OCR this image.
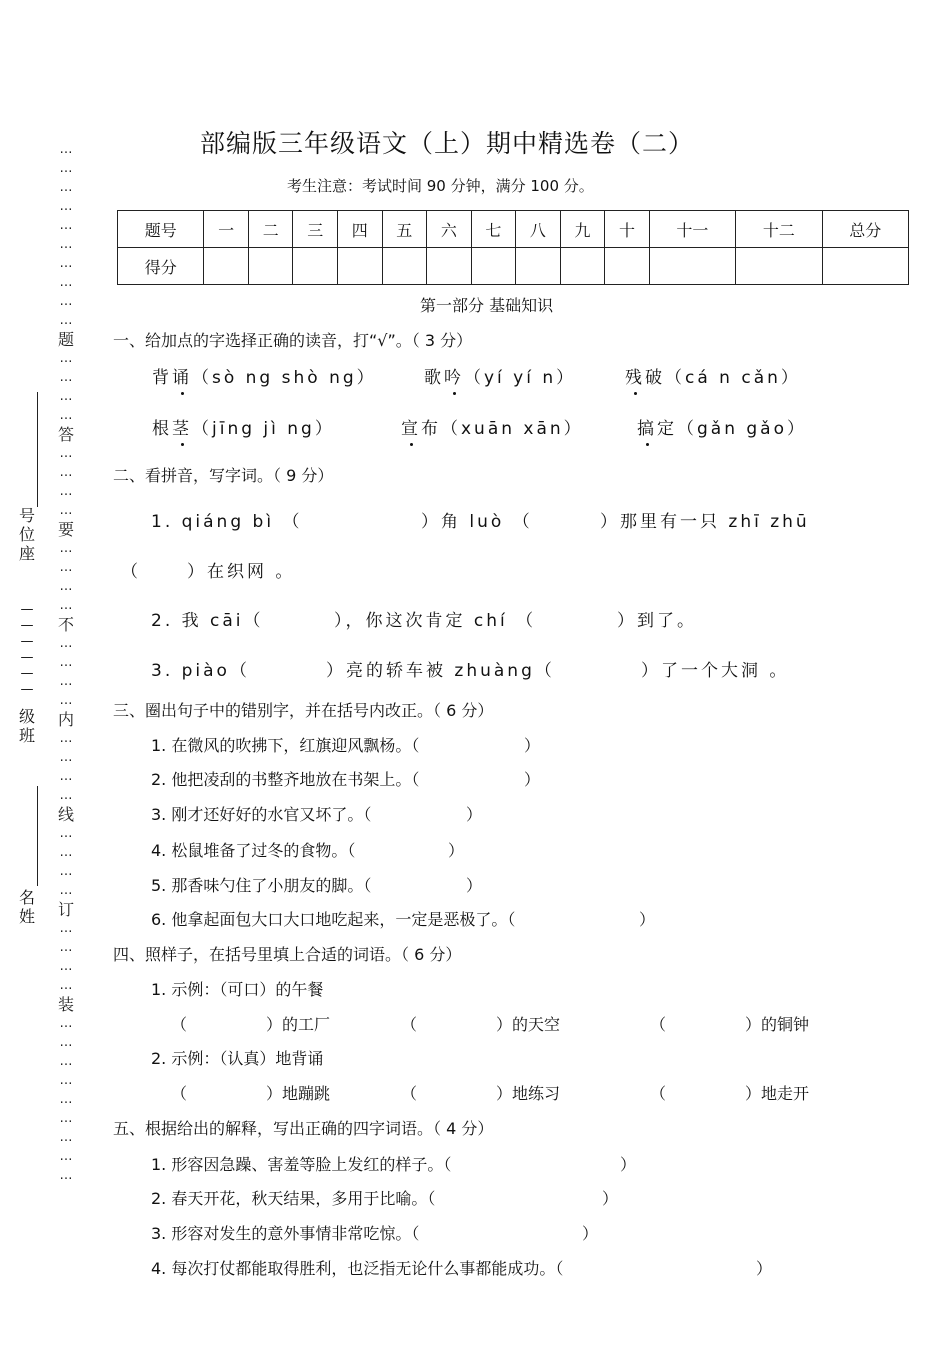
部编版三年级语文（上）期中精选卷（二）
考生注意：考试时间 90 分钟，满分 100 分。
题号	一	二	三	四	五	六	七	八	九	十	十一	十二	总分
得分													
第一部分 基础知识
…
…
…
…
…
…
…
…
…
…
题
…
…
…
…
答
…
…
…
…
要
…
…
…
…
不
…
…
…
…
内
…
…
…
…
线
…
…
…
…
订
…
…
…
…
装
…
…
…
…
…
…
…
…
…
号
位
座
—
—
—
—
—
—
级
班
名
姓
一、给加点的字选择正确的读音，打“√”。（ 3 分）
背诵（sò ng shò ng）	歌吟（yí yí n）	残破（cá n cǎn）
根茎（jīng jì ng）	宣布（xuān xān）	搞定（gǎn gǎo）
二、看拼音，写字词。（ 9 分）
1. qiáng bì （	）角 luò （	）那里有一只 zhī zhū
（	）在织网 。
2. 我 cāi（	），你这次肯定 chí （	）到了。
3. piào（	）亮的轿车被 zhuàng（	）了一个大洞 。
三、圈出句子中的错别字，并在括号内改正。（ 6 分）
1. 在微风的吹拂下，红旗迎风飘杨。（	）
2. 他把凌刮的书整齐地放在书架上。（	）
3. 刚才还好好的水官又坏了。（	）
4. 松鼠堆备了过冬的食物。（	）
5. 那香味勺住了小朋友的脚。（	）
6. 他拿起面包大口大口地吃起来，一定是恶极了。（	）
四、照样子，在括号里填上合适的词语。（ 6 分）
1. 示例：（可口）的午餐
（	）的工厂	（	）的天空	（	）的铜钟
2. 示例：（认真）地背诵
（	）地蹦跳	（	）地练习	（	）地走开
五、根据给出的解释，写出正确的四字词语。（ 4 分）
1. 形容因急躁、害羞等脸上发红的样子。（	）
2. 春天开花，秋天结果，多用于比喻。（	）
3. 形容对发生的意外事情非常吃惊。（	）
4. 每次打仗都能取得胜利，也泛指无论什么事都能成功。（	）
